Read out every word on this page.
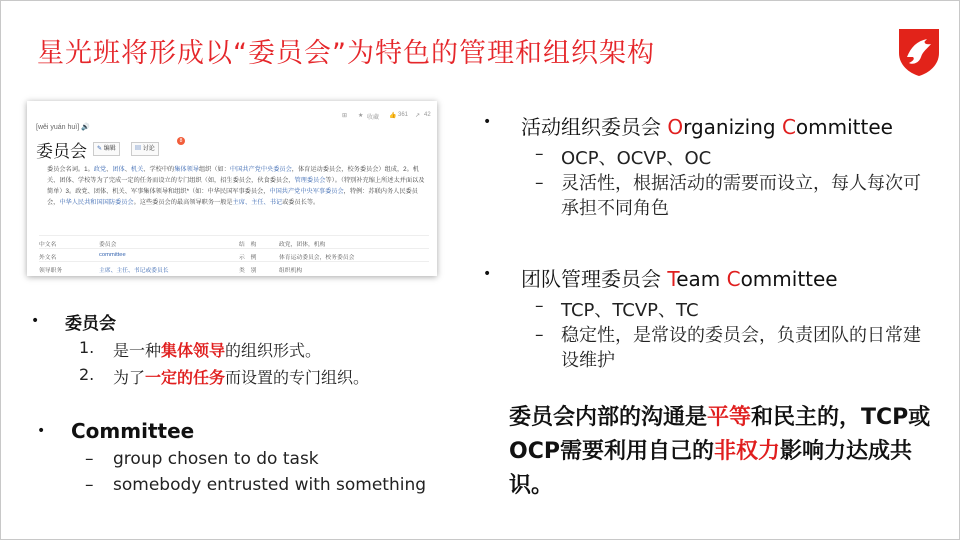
星光班将形成以“委员会”为特色的管理和组织架构
⊞ ★ 收藏 👍 361 ↗ 42
[wěi yuán huì] 🔊
委员会	✎ 编辑	▤ 讨论
8
委员会名词。1。政党、团体、机关、学校中的集体领导组织（如：中国共产党中央委员会，体育运动委员会，校务委员会）组成，2。机关、团体、学校等为了完成一定的任务而设立的专门组织（如，招生委员会，伙食委员会，管理委员会等）。（特别补充缩上所述太并面以及简单）3。政党、团体、机关、军事集体领导和组织*（如：中华民国军事委员会，中国共产党中央军事委员会，特例：苏联内务人民委员会，中华人民共和国国防委员会。这些委员会的最高领导职务一般是主席、主任、书记或委员长等。
中文名	委员会	结　构	政党，团体，机构
外文名	committee	示　例	体育运动委员会，校务委员会
领导职务	主席、主任、书记或委员长	类　别	组织机构
• 委员会
1. 是一种集体领导的组织形式。
2. 为了一定的任务而设置的专门组织。
• Committee
– group chosen to do task
– somebody entrusted with something
• 活动组织委员会 Organizing Committee
– OCP、OCVP、OC
– 灵活性，根据活动的需要而设立，每人每次可承担不同角色
• 团队管理委员会 Team Committee
– TCP、TCVP、TC
– 稳定性，是常设的委员会，负责团队的日常建设维护
委员会内部的沟通是平等和民主的，TCP或OCP需要利用自己的非权力影响力达成共识。
